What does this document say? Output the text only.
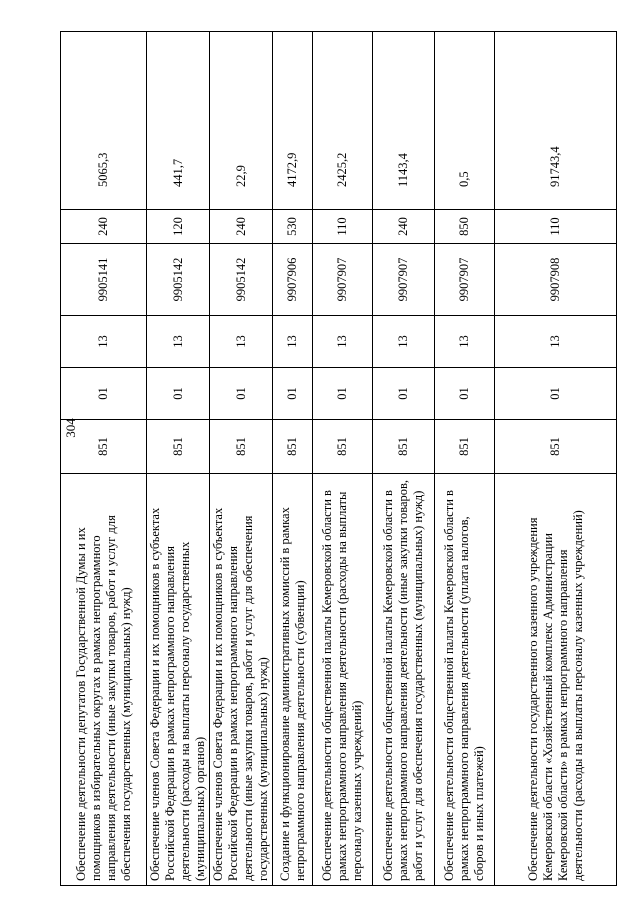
304
Обеспечение деятельности депутатов Государственной Думы и их помощников в избирательных округах в рамках непрограммного направления деятельности (иные закупки товаров, работ и услуг для обеспечения государственных (муниципальных) нужд)	851	01	13	9905141	240	5065,3
Обеспечение членов Совета Федерации и их помощников в субъектах Российской Федерации в рамках непрограммного направления деятельности (расходы на выплаты персоналу государственных (муниципальных) органов)	851	01	13	9905142	120	441,7
Обеспечение членов Совета Федерации и их помощников в субъектах Российской Федерации в рамках непрограммного направления деятельности (иные закупки товаров, работ и услуг для обеспечения государственных (муниципальных) нужд)	851	01	13	9905142	240	22,9
Создание и функционирование административных комиссий в рамках непрограммного направления деятельности (субвенции)	851	01	13	9907906	530	4172,9
Обеспечение деятельности общественной палаты Кемеровской области в рамках непрограммного направления деятельности (расходы на выплаты персоналу казенных учреждений)	851	01	13	9907907	110	2425,2
Обеспечение деятельности общественной палаты Кемеровской области в рамках непрограммного направления деятельности (иные закупки товаров, работ и услуг для обеспечения государственных (муниципальных) нужд)	851	01	13	9907907	240	1143,4
Обеспечение деятельности общественной палаты Кемеровской области в рамках непрограммного направления деятельности (уплата налогов, сборов и иных платежей)	851	01	13	9907907	850	0,5
Обеспечение деятельности государственного казенного учреждения Кемеровской области «Хозяйственный комплекс Администрации Кемеровской области» в рамках непрограммного направления деятельности (расходы на выплаты персоналу казенных учреждений)	851	01	13	9907908	110	91743,4
